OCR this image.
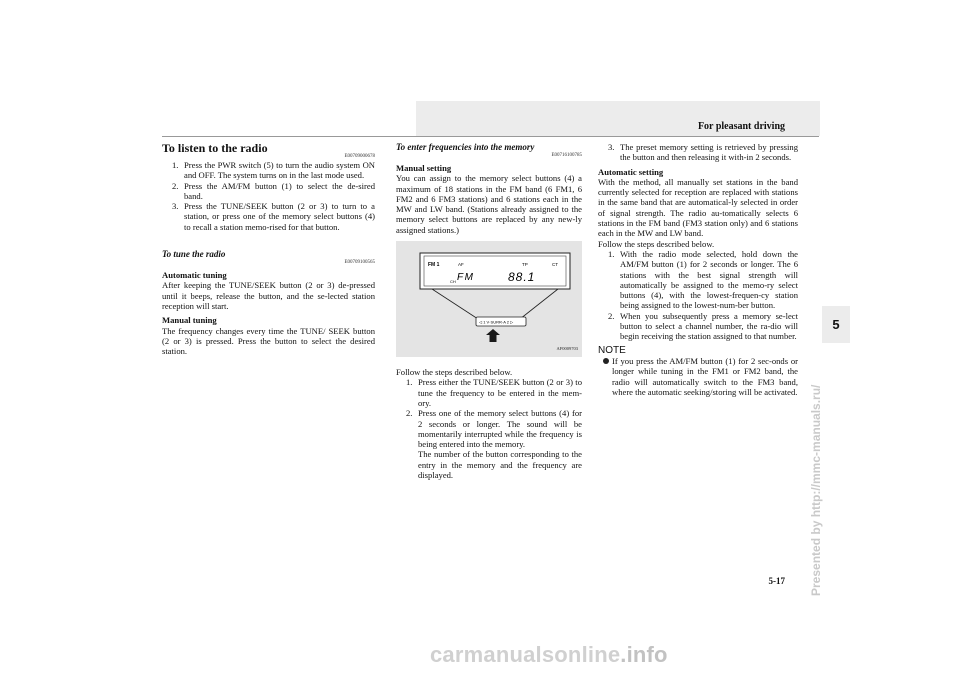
For pleasant driving
To listen to the radio
E00709000678
1. Press the PWR switch (5) to turn the audio system ON and OFF. The system turns on in the last mode used.
2. Press the AM/FM button (1) to select the de-sired band.
3. Press the TUNE/SEEK button (2 or 3) to turn to a station, or press one of the memory select buttons (4) to recall a station memo-rised for that button.
To tune the radio
E00709100565
Automatic tuning

After keeping the TUNE/SEEK button (2 or 3) de-pressed until it beeps, release the button, and the se-lected station reception will start.

Manual tuning

The frequency changes every time the TUNE/ SEEK button (2 or 3) is pressed. Press the button to select the desired station.

To enter frequencies into the memory
E00716100785
Manual setting

You can assign to the memory select buttons (4) a maximum of 18 stations in the FM band (6 FM1, 6 FM2 and 6 FM3 stations) and 6 stations each in the MW and LW band. (Stations already assigned to the memory select buttons are replaced by any new-ly assigned stations.)

FM 1	AF	TP	CT
FM
CH	88.1
◁ 1 V·SURR·A 2 ▷
AF0009703

Follow the steps described below.

1. Press either the TUNE/SEEK button (2 or 3) to tune the frequency to be entered in the mem-ory.
2. Press one of the memory select buttons (4) for 2 seconds or longer. The sound will be momentarily interrupted while the frequency is being entered into the memory.
The number of the button corresponding to the entry in the memory and the frequency are displayed.
3. The preset memory setting is retrieved by pressing the button and then releasing it with-in 2 seconds.
Automatic setting

With the method, all manually set stations in the band currently selected for reception are replaced with stations in the same band that are automatical-ly selected in order of signal strength. The radio au-tomatically selects 6 stations in the FM band (FM3 station only) and 6 stations each in the MW and LW band.

Follow the steps described below.

1. With the radio mode selected, hold down the AM/FM button (1) for 2 seconds or longer. The 6 stations with the best signal strength will automatically be assigned to the memo-ry select buttons (4), with the lowest-frequen-cy station being assigned to the lowest-num-ber button.
2. When you subsequently press a memory se-lect button to select a channel number, the ra-dio will begin receiving the station assigned to that number.
NOTE
If you press the AM/FM button (1) for 2 sec-onds or longer while tuning in the FM1 or FM2 band, the radio will automatically switch to the FM3 band, where the automatic seeking/storing will be activated.
5
Presented by http://mmc-manuals.ru/
5-17
carmanualsonline.info
